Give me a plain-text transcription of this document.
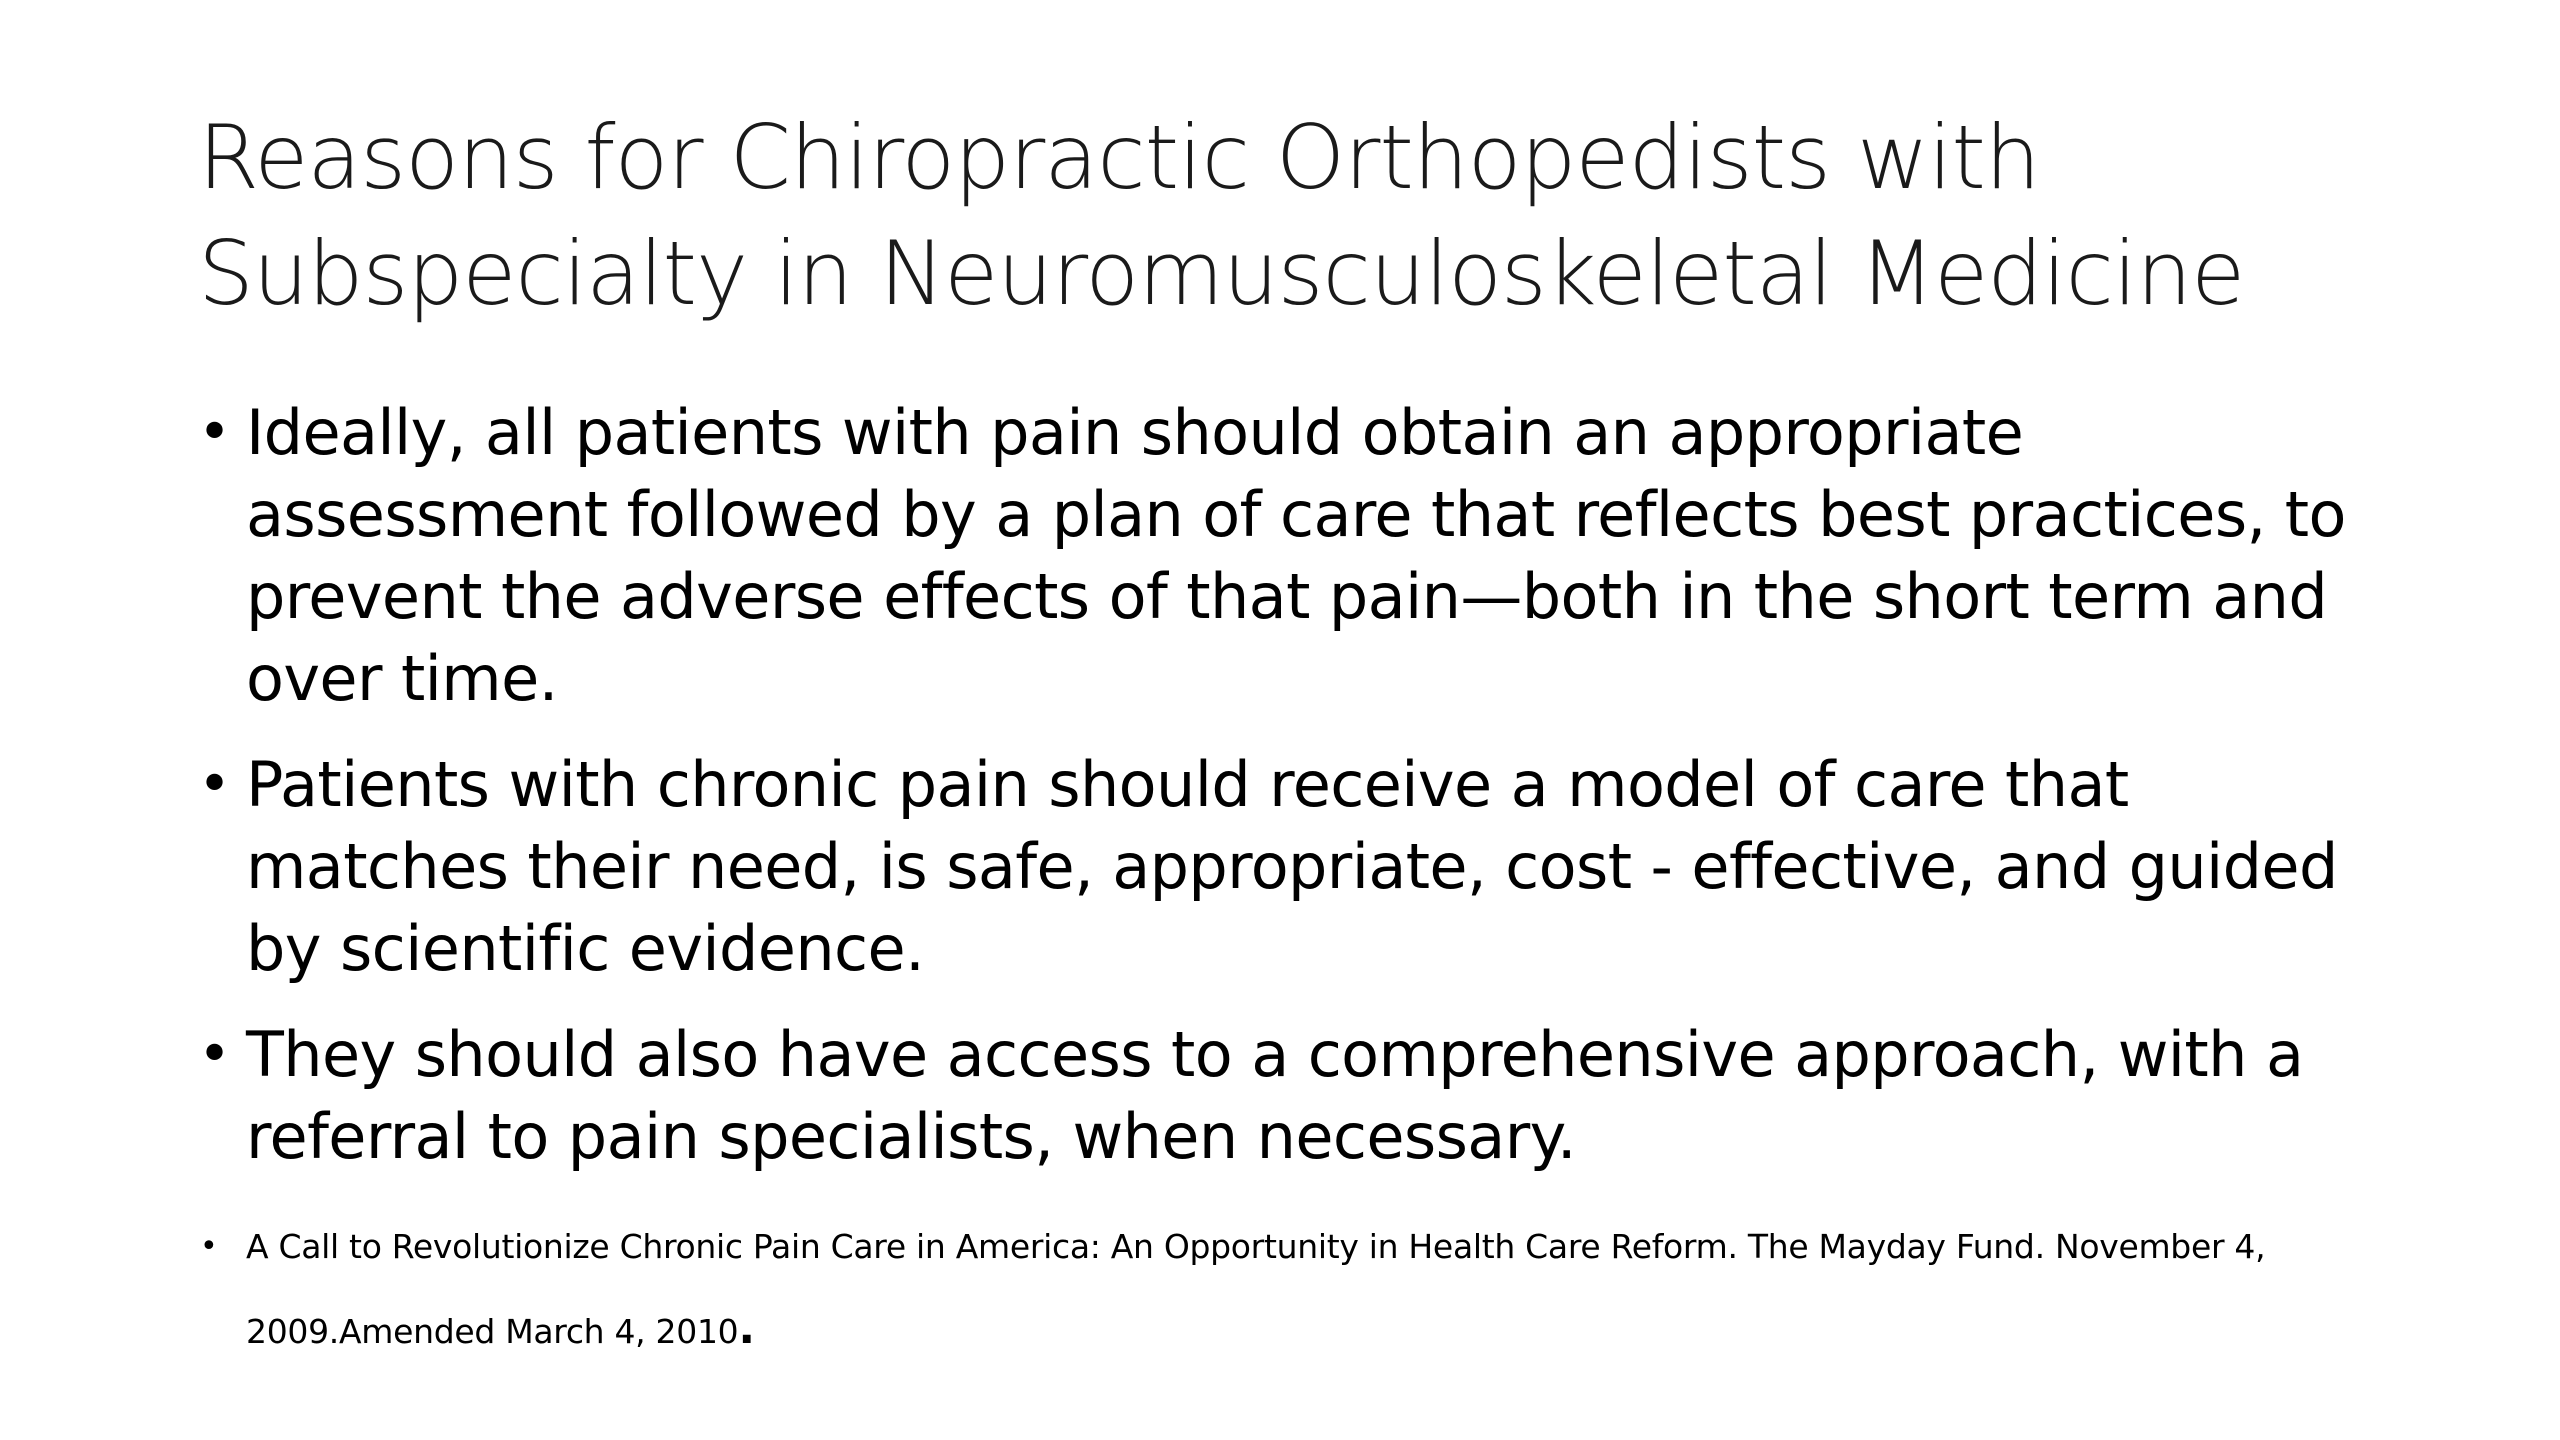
Reasons for Chiropractic Orthopedists with
Subspecialty in Neuromusculoskeletal Medicine
• Ideally, all patients with pain should obtain an appropriate
assessment followed by a plan of care that reflects best practices, to
prevent the adverse effects of that pain—both in the short term and
over time.
• Patients with chronic pain should receive a model of care that
matches their need, is safe, appropriate, cost - effective, and guided
by scientific evidence.
• They should also have access to a comprehensive approach, with a
referral to pain specialists, when necessary.
• A Call to Revolutionize Chronic Pain Care in America: An Opportunity in Health Care Reform. The Mayday Fund. November 4,
2009.Amended March 4, 2010.
